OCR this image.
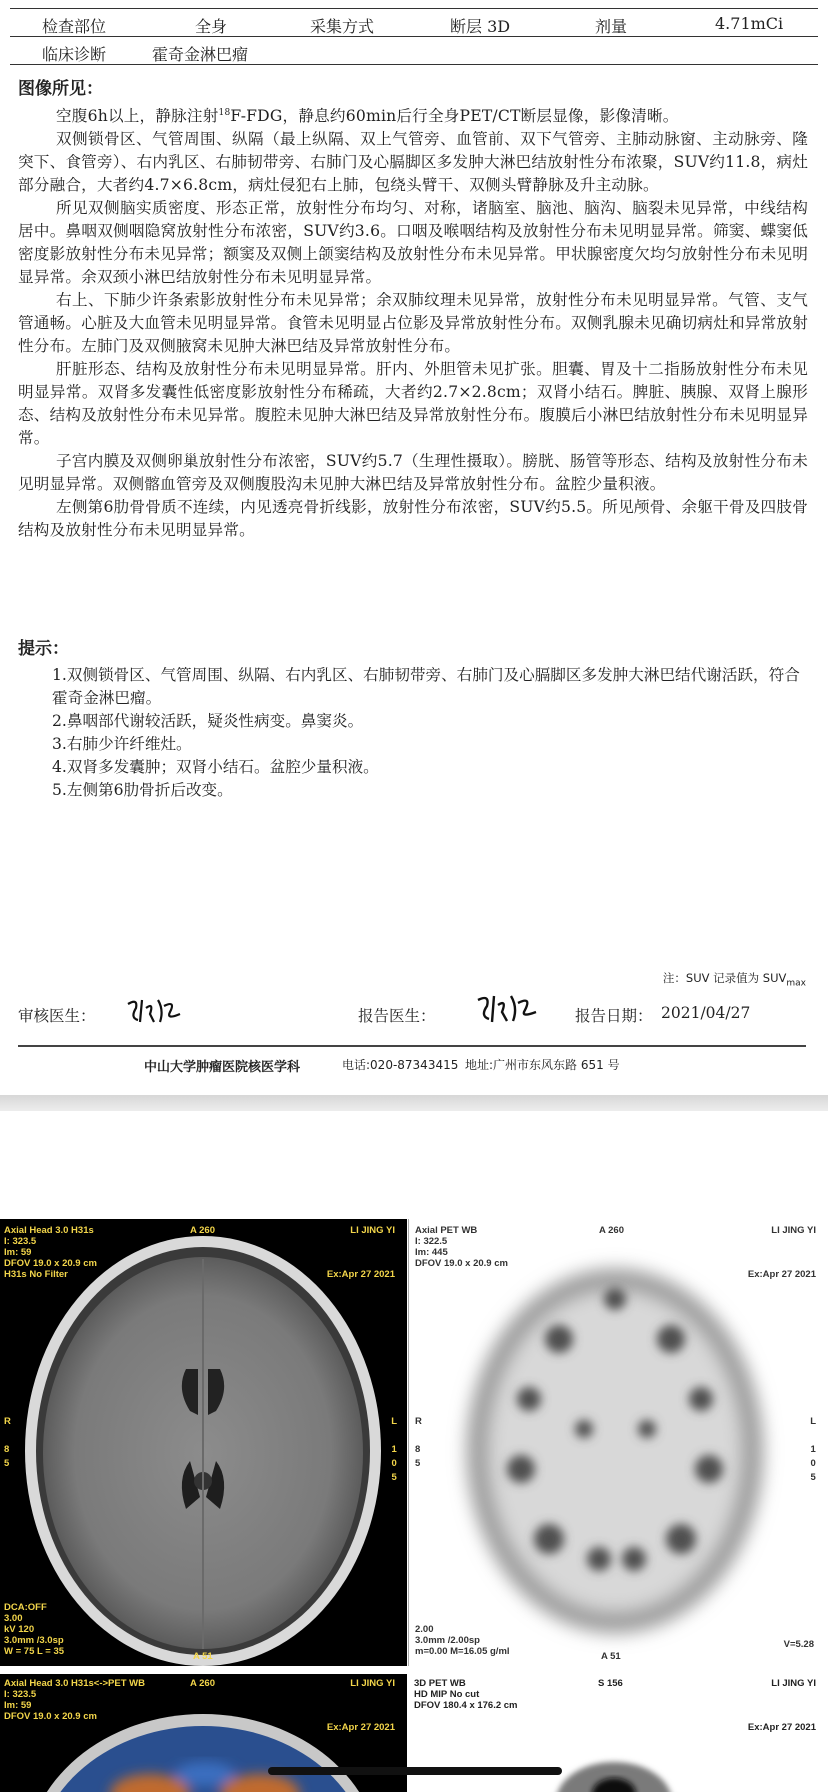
检查部位	全身	采集方式	断层 3D	剂量	4.71mCi
临床诊断	霍奇金淋巴瘤
图像所见：

空腹6h以上，静脉注射$^{18}$F-FDG，静息约60min后行全身PET/CT断层显像，影像清晰。

双侧锁骨区、气管周围、纵隔（最上纵隔、双上气管旁、血管前、双下气管旁、主肺动脉窗、主动脉旁、隆突下、食管旁）、右内乳区、右肺韧带旁、右肺门及心膈脚区多发肿大淋巴结放射性分布浓聚，SUV约11.8，病灶部分融合，大者约4.7×6.8cm，病灶侵犯右上肺，包绕头臂干、双侧头臂静脉及升主动脉。

所见双侧脑实质密度、形态正常，放射性分布均匀、对称，诸脑室、脑池、脑沟、脑裂未见异常，中线结构居中。鼻咽双侧咽隐窝放射性分布浓密，SUV约3.6。口咽及喉咽结构及放射性分布未见明显异常。筛窦、蝶窦低密度影放射性分布未见异常；额窦及双侧上颌窦结构及放射性分布未见异常。甲状腺密度欠均匀放射性分布未见明显异常。余双颈小淋巴结放射性分布未见明显异常。

右上、下肺少许条索影放射性分布未见异常；余双肺纹理未见异常，放射性分布未见明显异常。气管、支气管通畅。心脏及大血管未见明显异常。食管未见明显占位影及异常放射性分布。双侧乳腺未见确切病灶和异常放射性分布。左肺门及双侧腋窝未见肿大淋巴结及异常放射性分布。

肝脏形态、结构及放射性分布未见明显异常。肝内、外胆管未见扩张。胆囊、胃及十二指肠放射性分布未见明显异常。双肾多发囊性低密度影放射性分布稀疏，大者约2.7×2.8cm；双肾小结石。脾脏、胰腺、双肾上腺形态、结构及放射性分布未见异常。腹腔未见肿大淋巴结及异常放射性分布。腹膜后小淋巴结放射性分布未见明显异常。

子宫内膜及双侧卵巢放射性分布浓密，SUV约5.7（生理性摄取）。膀胱、肠管等形态、结构及放射性分布未见明显异常。双侧髂血管旁及双侧腹股沟未见肿大淋巴结及异常放射性分布。盆腔少量积液。

左侧第6肋骨骨质不连续，内见透亮骨折线影，放射性分布浓密，SUV约5.5。所见颅骨、余躯干骨及四肢骨结构及放射性分布未见明显异常。

提示：
1.双侧锁骨区、气管周围、纵隔、右内乳区、右肺韧带旁、右肺门及心膈脚区多发肿大淋巴结代谢活跃，符合霍奇金淋巴瘤。
2.鼻咽部代谢较活跃，疑炎性病变。鼻窦炎。
3.右肺少许纤维灶。
4.双肾多发囊肿；双肾小结石。盆腔少量积液。
5.左侧第6肋骨折后改变。
注：SUV 记录值为 $SUV_{max}$
审核医生：	报告医生：	报告日期： 2021/04/27
中山大学肿瘤医院核医学科	电话:020-87343415 地址:广州市东风东路 651 号
Axial Head 3.0 H31s
I: 323.5
Im: 59
DFOV 19.0 x 20.9 cm
H31s No Filter
A 260	LI JING YI
Ex:Apr 27 2021
R

8
5
L

1
0
5
DCA:OFF
3.00
kV 120
3.0mm /3.0sp
W = 75 L = 35	A 51
Axial PET WB
I: 322.5
Im: 445
DFOV 19.0 x 20.9 cm
A 260	LI JING YI
Ex:Apr 27 2021
R

8
5
L

1
0
5
2.00
3.0mm /2.00sp
m=0.00 M=16.05 g/ml	A 51
V=5.28
Axial Head 3.0 H31s<->PET WB
I: 323.5
Im: 59
DFOV 19.0 x 20.9 cm
A 260	LI JING YI
Ex:Apr 27 2021
3D PET WB
HD MIP No cut
DFOV 180.4 x 176.2 cm
S 156	LI JING YI
Ex:Apr 27 2021
